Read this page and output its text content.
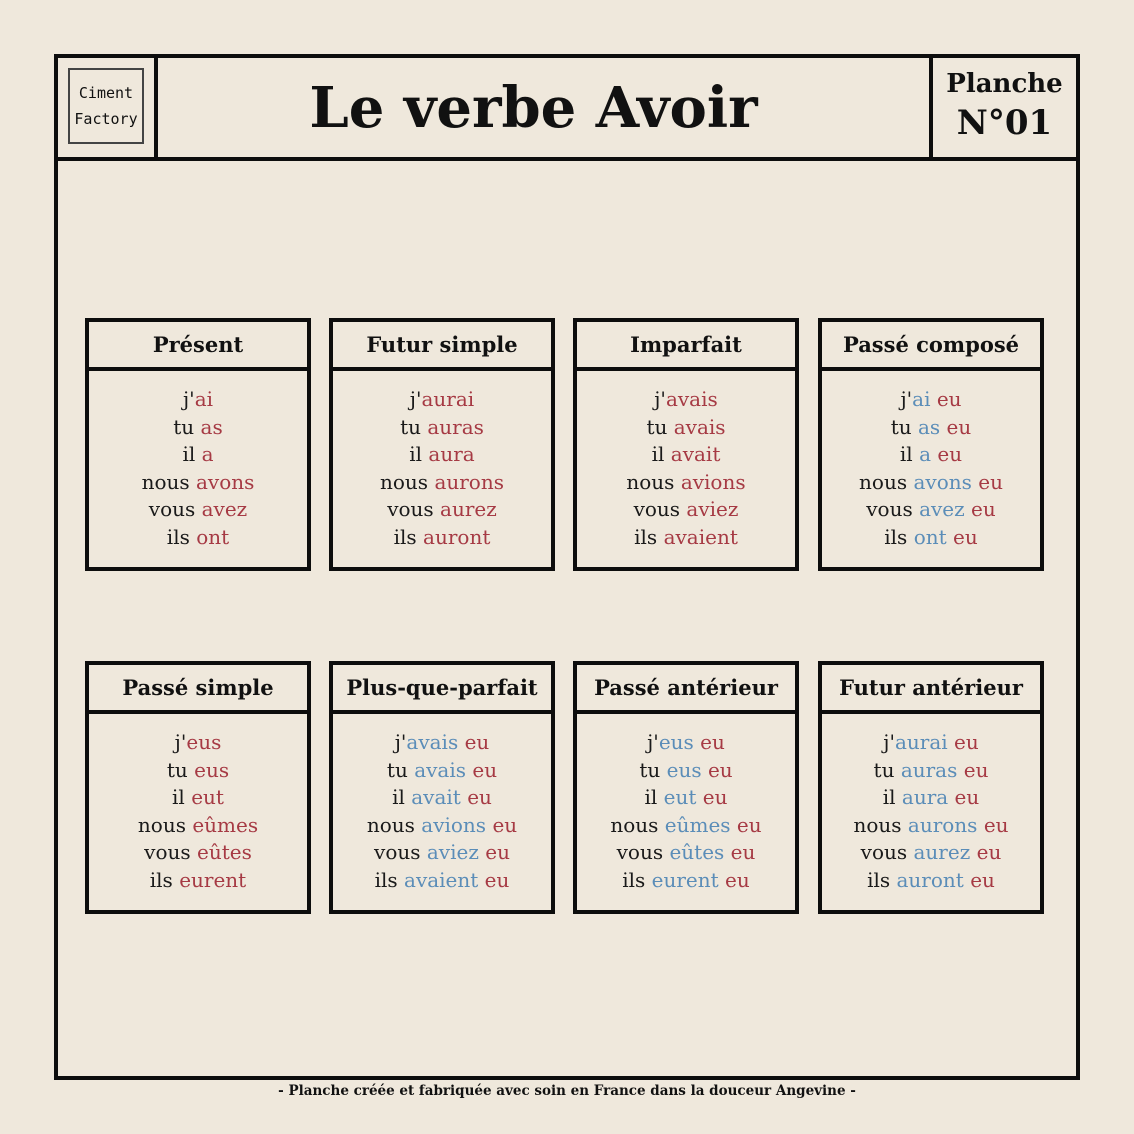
Ciment
Factory	Le verbe Avoir	Planche
N°01
Présent
j'ai
tu as
il a
nous avons
vous avez
ils ont
Futur simple
j'aurai
tu auras
il aura
nous aurons
vous aurez
ils auront
Imparfait
j'avais
tu avais
il avait
nous avions
vous aviez
ils avaient
Passé composé
j'ai eu
tu as eu
il a eu
nous avons eu
vous avez eu
ils ont eu
Passé simple
j'eus
tu eus
il eut
nous eûmes
vous eûtes
ils eurent
Plus-que-parfait
j'avais eu
tu avais eu
il avait eu
nous avions eu
vous aviez eu
ils avaient eu
Passé antérieur
j'eus eu
tu eus eu
il eut eu
nous eûmes eu
vous eûtes eu
ils eurent eu
Futur antérieur
j'aurai eu
tu auras eu
il aura eu
nous aurons eu
vous aurez eu
ils auront eu
- Planche créée et fabriquée avec soin en France dans la douceur Angevine -
